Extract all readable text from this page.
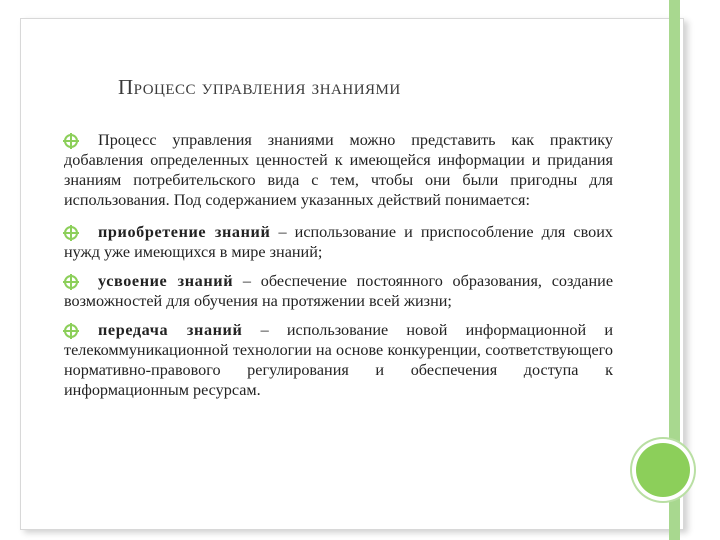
Процесс управления знаниями

Процесс управления знаниями можно представить как практику добавления определенных ценностей к имеющейся информации и придания знаниям потребительского вида с тем, чтобы они были пригодны для использования. Под содержанием указанных действий понимается:

приобретение знаний – использование и приспособление для своих нужд уже имеющихся в мире знаний;

усвоение знаний – обеспечение постоянного образования, создание возможностей для обучения на протяжении всей жизни;

передача знаний – использование новой информационной и телекоммуникационной технологии на основе конкуренции, соответствующего нормативно-правового регулирования и обеспечения доступа к информационным ресурсам.
